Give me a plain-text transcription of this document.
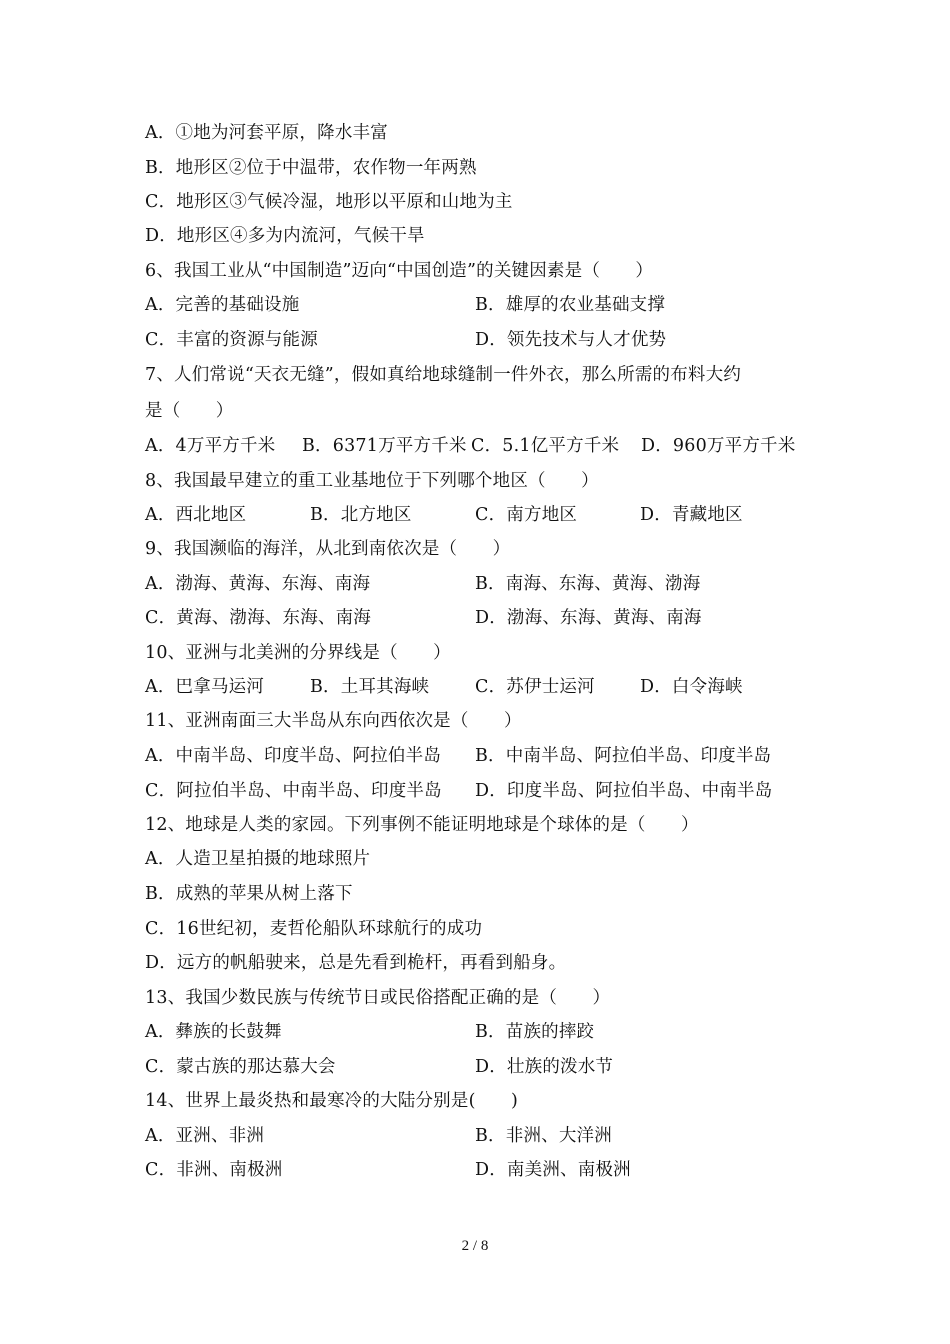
A．①地为河套平原，降水丰富
B．地形区②位于中温带，农作物一年两熟
C．地形区③气候冷湿，地形以平原和山地为主
D．地形区④多为内流河，气候干旱
6、我国工业从“中国制造”迈向“中国创造”的关键因素是（　　）
A．完善的基础设施	B．雄厚的农业基础支撑
C．丰富的资源与能源	D．领先技术与人才优势
7、人们常说“天衣无缝”，假如真给地球缝制一件外衣，那么所需的布料大约
是（　　）
A．4万平方千米 B．6371万平方千米 C．5.1亿平方千米 D．960万平方千米
8、我国最早建立的重工业基地位于下列哪个地区（　　）
A．西北地区	B．北方地区	C．南方地区	D．青藏地区
9、我国濒临的海洋，从北到南依次是（　　）
A．渤海、黄海、东海、南海	B．南海、东海、黄海、渤海
C．黄海、渤海、东海、南海	D．渤海、东海、黄海、南海
10、亚洲与北美洲的分界线是（　　）
A．巴拿马运河	B．土耳其海峡	C．苏伊士运河	D．白令海峡
11、亚洲南面三大半岛从东向西依次是（　　）
A．中南半岛、印度半岛、阿拉伯半岛 B．中南半岛、阿拉伯半岛、印度半岛
C．阿拉伯半岛、中南半岛、印度半岛 D．印度半岛、阿拉伯半岛、中南半岛
12、地球是人类的家园。下列事例不能证明地球是个球体的是（　　）
A．人造卫星拍摄的地球照片
B．成熟的苹果从树上落下
C．16世纪初，麦哲伦船队环球航行的成功
D．远方的帆船驶来，总是先看到桅杆，再看到船身。
13、我国少数民族与传统节日或民俗搭配正确的是（　　）
A．彝族的长鼓舞	B．苗族的摔跤
C．蒙古族的那达慕大会	D．壮族的泼水节
14、世界上最炎热和最寒冷的大陆分别是(　　)
A．亚洲、非洲	B．非洲、大洋洲
C．非洲、南极洲	D．南美洲、南极洲
2 / 8
